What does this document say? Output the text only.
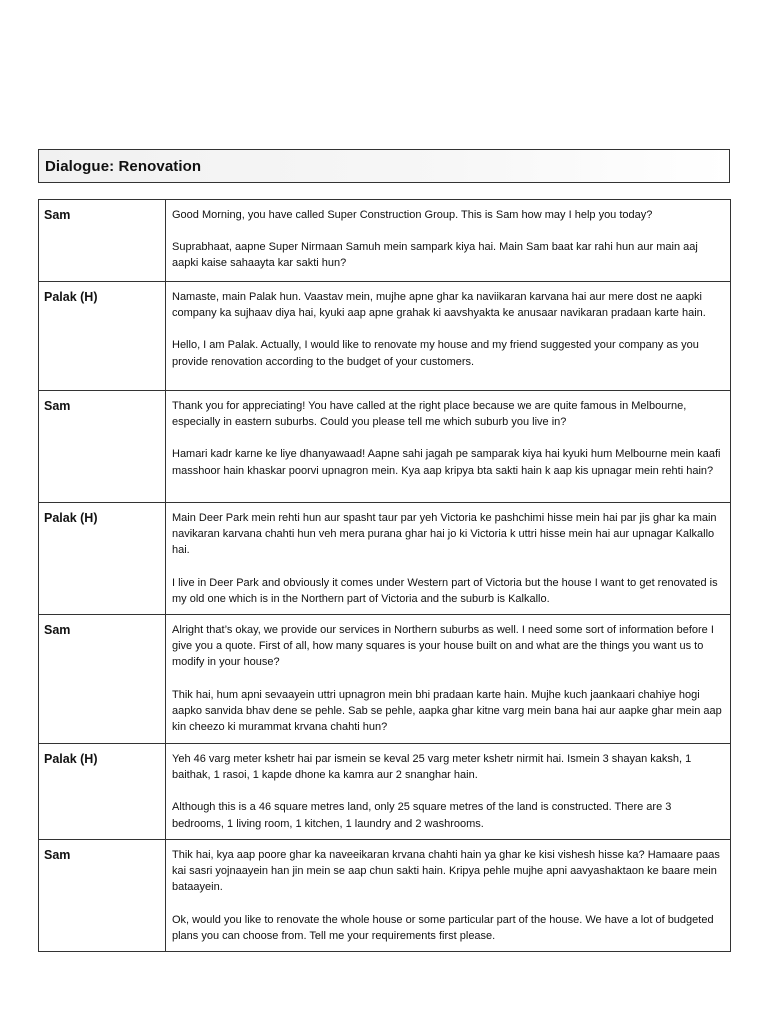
Dialogue: Renovation
Sam	Good Morning, you have called Super Construction Group. This is Sam how may I help you today?

Suprabhaat, aapne Super Nirmaan Samuh mein sampark kiya hai. Main Sam baat kar rahi hun aur main aaj aapki kaise sahaayta kar sakti hun?

Palak (H)	Namaste, main Palak hun. Vaastav mein, mujhe apne ghar ka naviikaran karvana hai aur mere dost ne aapki company ka sujhaav diya hai, kyuki aap apne grahak ki aavshyakta ke anusaar navikaran pradaan karte hain.

Hello, I am Palak. Actually, I would like to renovate my house and my friend suggested your company as you provide renovation according to the budget of your customers.

Sam	Thank you for appreciating! You have called at the right place because we are quite famous in Melbourne, especially in eastern suburbs. Could you please tell me which suburb you live in?

Hamari kadr karne ke liye dhanyawaad! Aapne sahi jagah pe samparak kiya hai kyuki hum Melbourne mein kaafi masshoor hain khaskar poorvi upnagron mein. Kya aap kripya bta sakti hain k aap kis upnagar mein rehti hain?

Palak (H)	Main Deer Park mein rehti hun aur spasht taur par yeh Victoria ke pashchimi hisse mein hai par jis ghar ka main navikaran karvana chahti hun veh mera purana ghar hai jo ki Victoria k uttri hisse mein hai aur upnagar Kalkallo hai.

I live in Deer Park and obviously it comes under Western part of Victoria but the house I want to get renovated is my old one which is in the Northern part of Victoria and the suburb is Kalkallo.

Sam	Alright that’s okay, we provide our services in Northern suburbs as well. I need some sort of information before I give you a quote. First of all, how many squares is your house built on and what are the things you want us to modify in your house?

Thik hai, hum apni sevaayein uttri upnagron mein bhi pradaan karte hain. Mujhe kuch jaankaari chahiye hogi aapko sanvida bhav dene se pehle. Sab se pehle, aapka ghar kitne varg mein bana hai aur aapke ghar mein aap kin cheezo ki murammat krvana chahti hun?

Palak (H)	Yeh 46 varg meter kshetr hai par ismein se keval 25 varg meter kshetr nirmit hai. Ismein 3 shayan kaksh, 1 baithak, 1 rasoi, 1 kapde dhone ka kamra aur 2 snanghar hain.

Although this is a 46 square metres land, only 25 square metres of the land is constructed. There are 3 bedrooms, 1 living room, 1 kitchen, 1 laundry and 2 washrooms.

Sam	Thik hai, kya aap poore ghar ka naveeikaran krvana chahti hain ya ghar ke kisi vishesh hisse ka? Hamaare paas kai sasri yojnaayein han jin mein se aap chun sakti hain. Kripya pehle mujhe apni aavyashaktaon ke baare mein bataayein.

Ok, would you like to renovate the whole house or some particular part of the house. We have a lot of budgeted plans you can choose from. Tell me your requirements first please.
